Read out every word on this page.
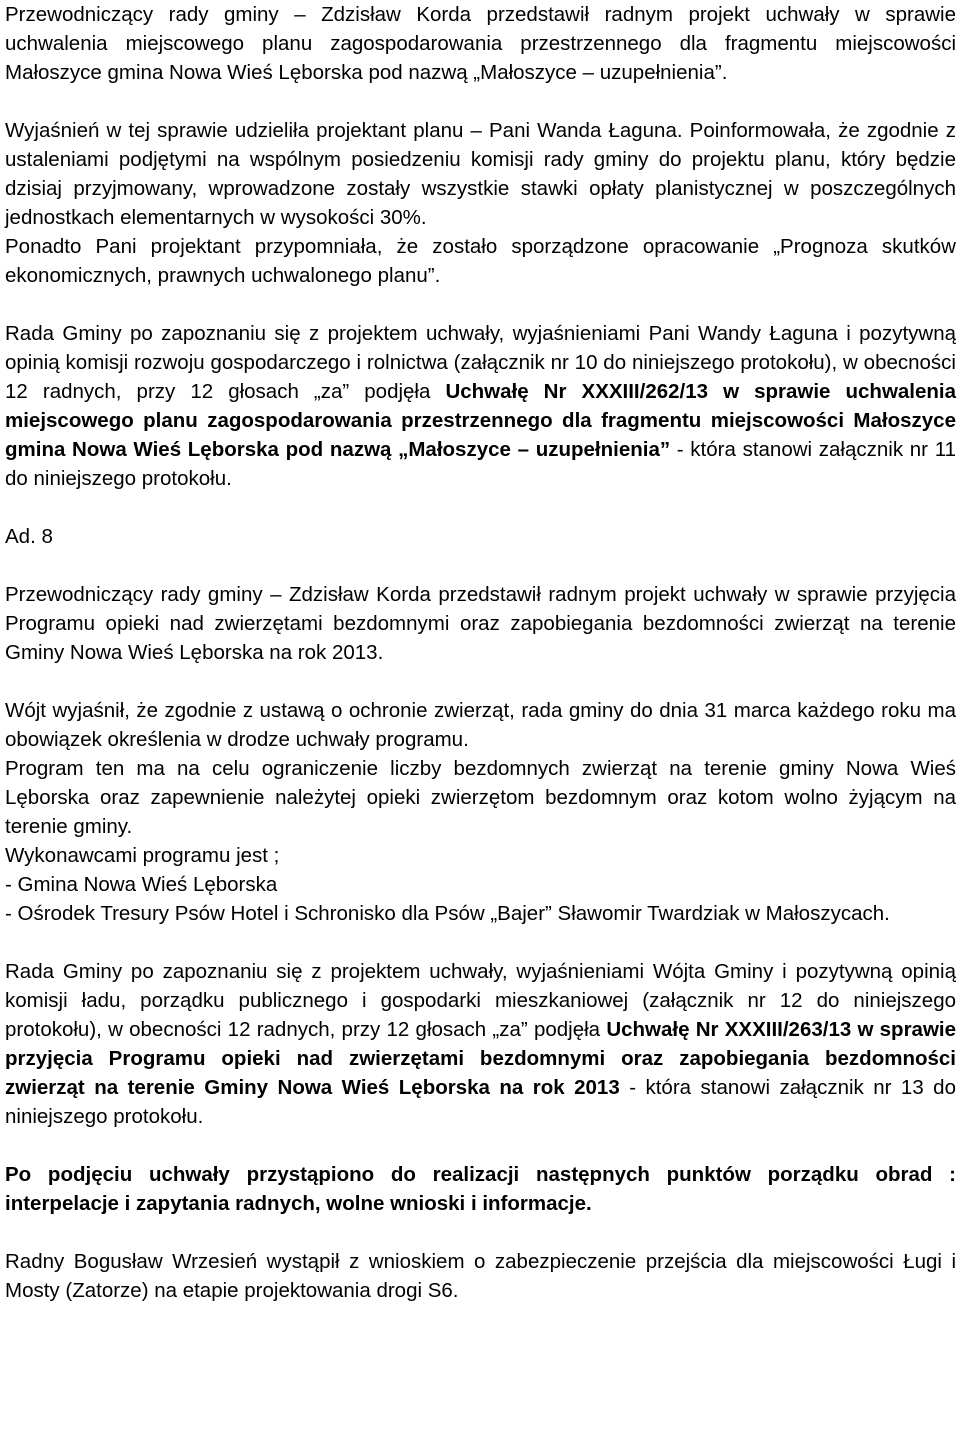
Przewodniczący rady gminy – Zdzisław Korda przedstawił radnym projekt uchwały w sprawie uchwalenia miejscowego planu zagospodarowania przestrzennego dla fragmentu miejscowości Małoszyce gmina Nowa Wieś Lęborska pod nazwą „Małoszyce – uzupełnienia”.

Wyjaśnień w tej sprawie udzieliła projektant planu – Pani Wanda Łaguna. Poinformowała, że zgodnie z ustaleniami podjętymi na wspólnym posiedzeniu komisji rady gminy do projektu planu, który będzie dzisiaj przyjmowany, wprowadzone zostały wszystkie stawki opłaty planistycznej w poszczególnych jednostkach elementarnych w wysokości 30%.

Ponadto Pani projektant przypomniała, że zostało sporządzone opracowanie „Prognoza skutków ekonomicznych, prawnych uchwalonego planu”.

Rada Gminy po zapoznaniu się z projektem uchwały, wyjaśnieniami Pani Wandy Łaguna i pozytywną opinią komisji rozwoju gospodarczego i rolnictwa (załącznik nr 10 do niniejszego protokołu), w obecności 12 radnych, przy 12 głosach „za” podjęła Uchwałę Nr XXXIII/262/13 w sprawie uchwalenia miejscowego planu zagospodarowania przestrzennego dla fragmentu miejscowości Małoszyce gmina Nowa Wieś Lęborska pod nazwą „Małoszyce – uzupełnienia” - która stanowi załącznik nr 11 do niniejszego protokołu.

Ad. 8

Przewodniczący rady gminy – Zdzisław Korda przedstawił radnym projekt uchwały w sprawie przyjęcia Programu opieki nad zwierzętami bezdomnymi oraz zapobiegania bezdomności zwierząt na terenie Gminy Nowa Wieś Lęborska na rok 2013.

Wójt wyjaśnił, że zgodnie z ustawą o ochronie zwierząt, rada gminy do dnia 31 marca każdego roku ma obowiązek określenia w drodze uchwały programu.

Program ten ma na celu ograniczenie liczby bezdomnych zwierząt na terenie gminy Nowa Wieś Lęborska oraz zapewnienie należytej opieki zwierzętom bezdomnym oraz kotom wolno żyjącym na terenie gminy.

Wykonawcami programu jest ;
- Gmina Nowa Wieś Lęborska
- Ośrodek Tresury Psów Hotel i Schronisko dla Psów „Bajer” Sławomir Twardziak w Małoszycach.

Rada Gminy po zapoznaniu się z projektem uchwały, wyjaśnieniami Wójta Gminy i pozytywną opinią komisji ładu, porządku publicznego i gospodarki mieszkaniowej (załącznik nr 12 do niniejszego protokołu), w obecności 12 radnych, przy 12 głosach „za” podjęła Uchwałę Nr XXXIII/263/13 w sprawie przyjęcia Programu opieki nad zwierzętami bezdomnymi oraz zapobiegania bezdomności zwierząt na terenie Gminy Nowa Wieś Lęborska na rok 2013 - która stanowi załącznik nr 13 do niniejszego protokołu.

Po podjęciu uchwały przystąpiono do realizacji następnych punktów porządku obrad : interpelacje i zapytania radnych, wolne wnioski i informacje.

Radny Bogusław Wrzesień wystąpił z wnioskiem o zabezpieczenie przejścia dla miejscowości Ługi i Mosty (Zatorze) na etapie projektowania drogi S6.
